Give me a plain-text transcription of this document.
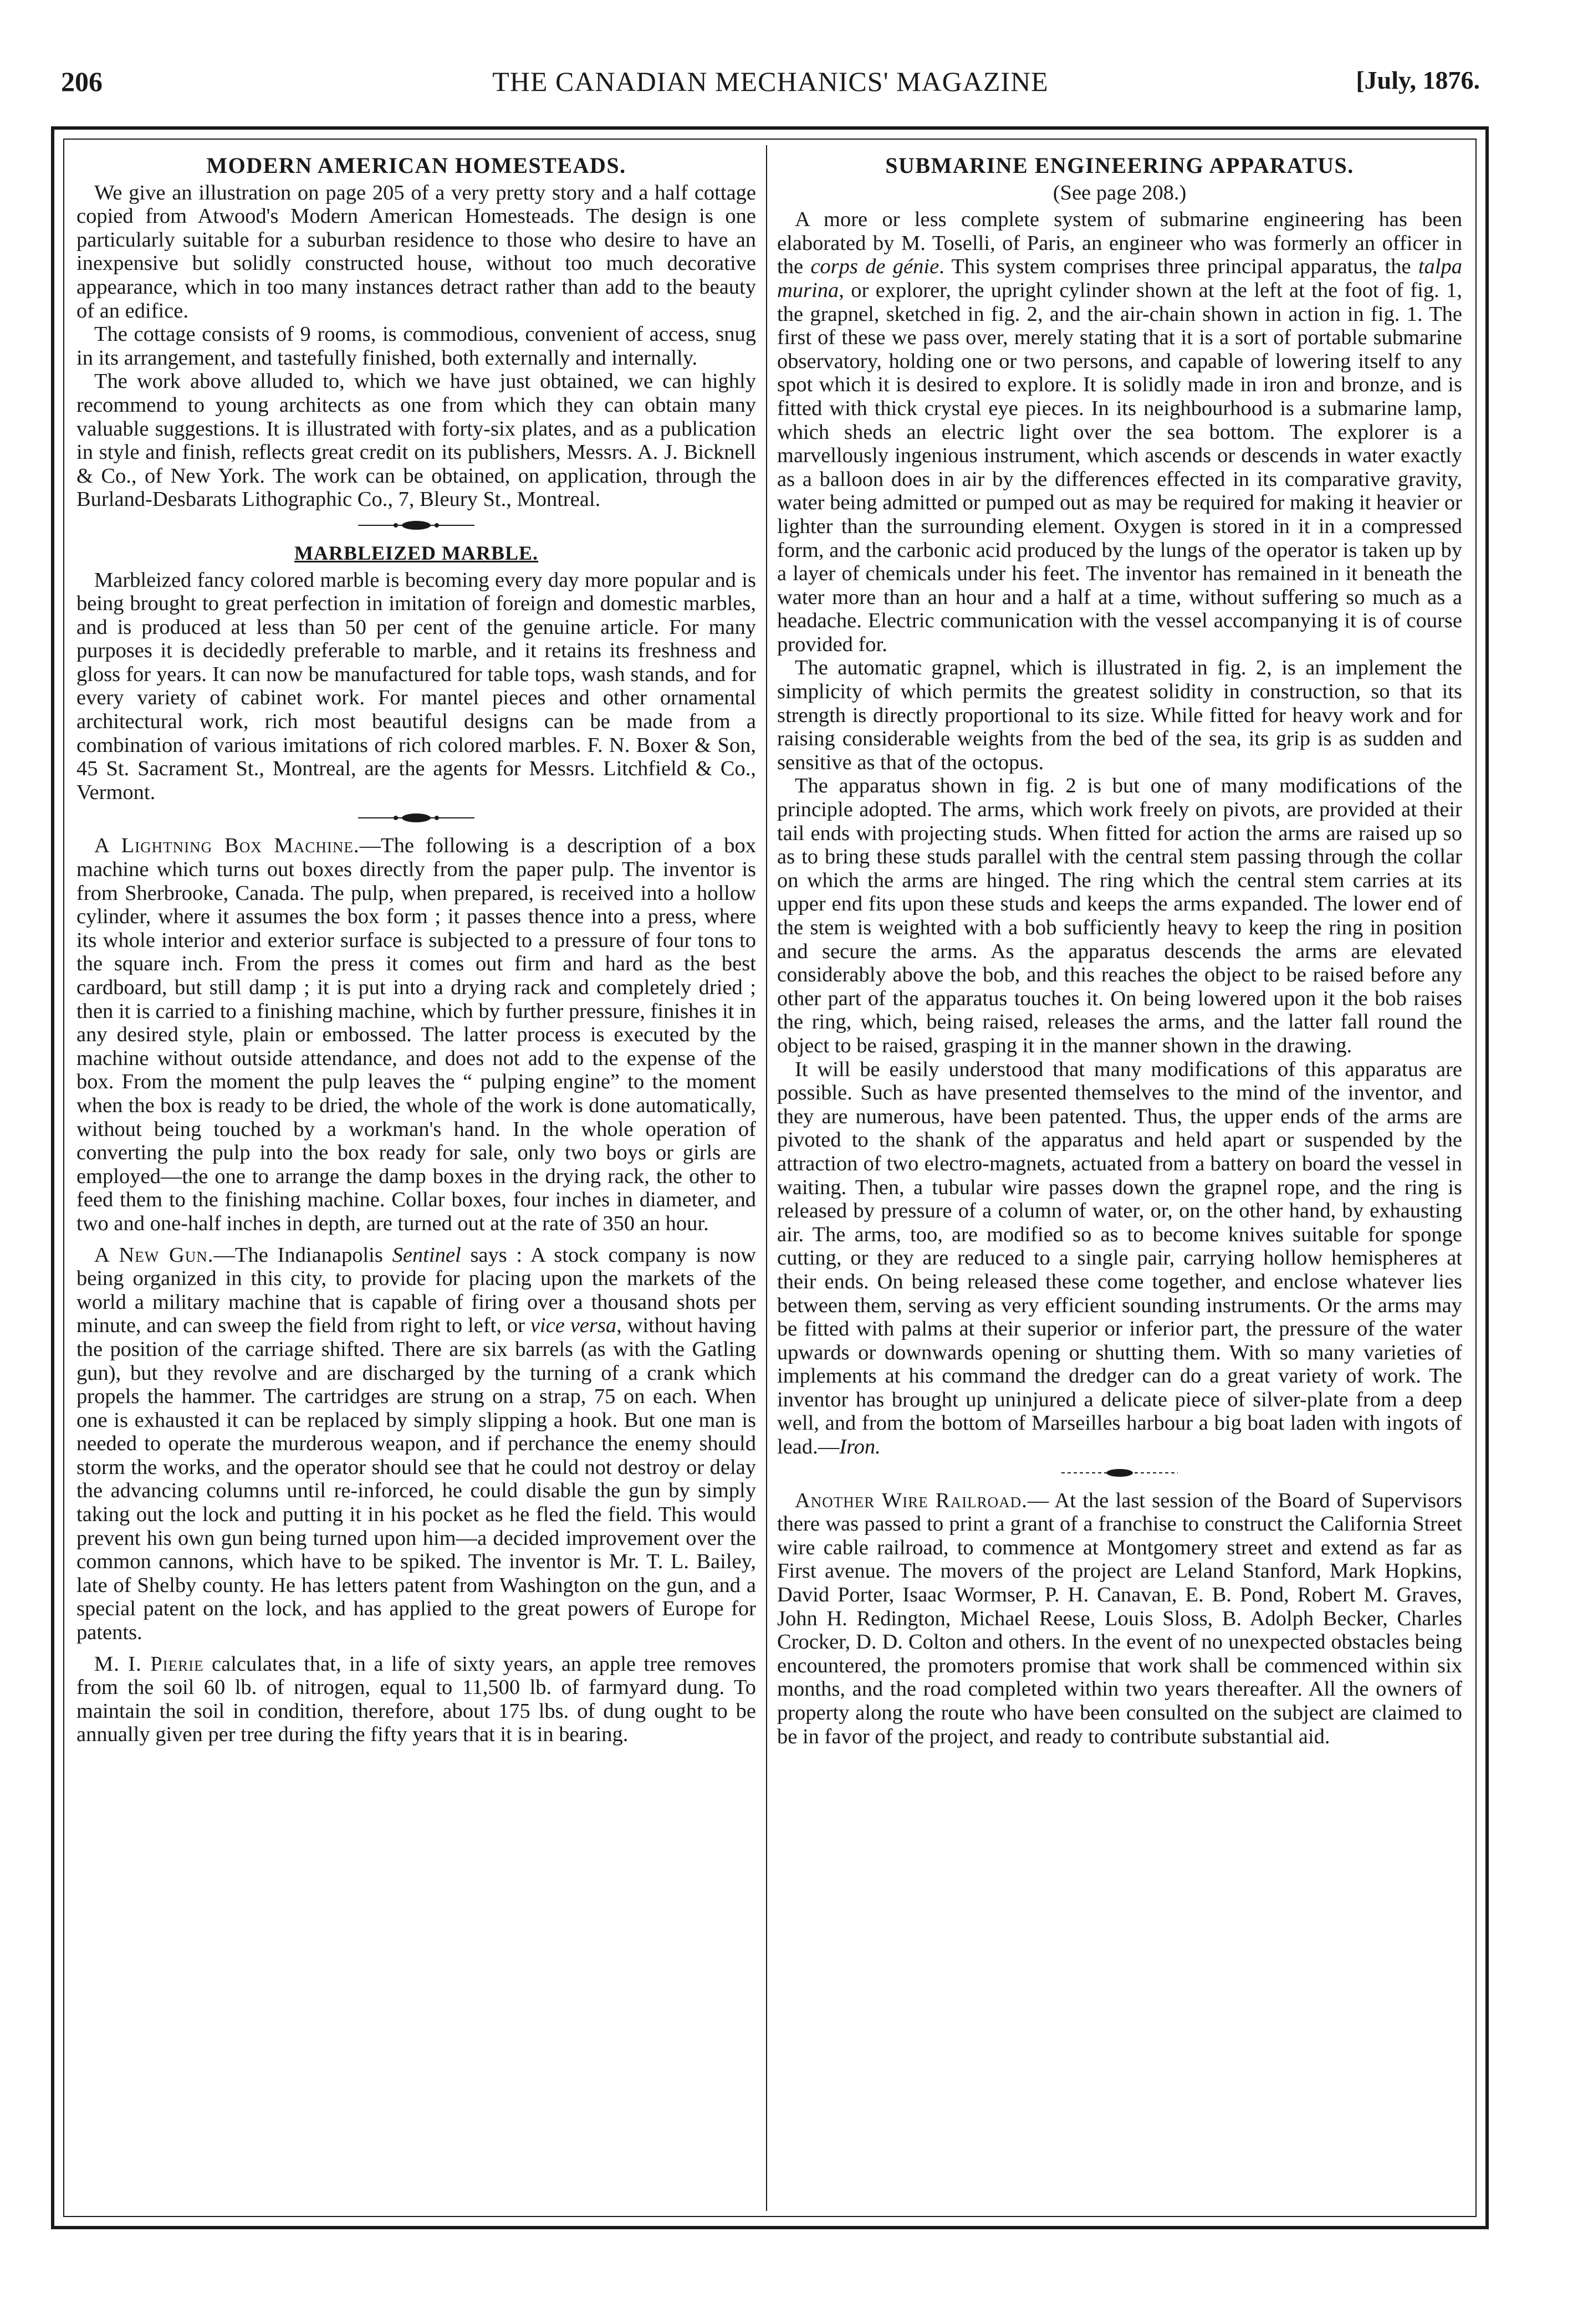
206	THE CANADIAN MECHANICS' MAGAZINE	[July, 1876.
MODERN AMERICAN HOMESTEADS.

We give an illustration on page 205 of a very pretty story and a half cottage copied from Atwood's Modern American Homesteads. The design is one particularly suitable for a suburban residence to those who desire to have an inexpensive but solidly constructed house, without too much decorative appearance, which in too many instances detract rather than add to the beauty of an edifice.

The cottage consists of 9 rooms, is commodious, convenient of access, snug in its arrangement, and tastefully finished, both externally and internally.

The work above alluded to, which we have just obtained, we can highly recommend to young architects as one from which they can obtain many valuable suggestions. It is illustrated with forty-six plates, and as a publication in style and finish, reflects great credit on its publishers, Messrs. A. J. Bicknell & Co., of New York. The work can be obtained, on application, through the Burland-Desbarats Lithographic Co., 7, Bleury St., Montreal.

MARBLEIZED MARBLE.

Marbleized fancy colored marble is becoming every day more popular and is being brought to great perfection in imitation of foreign and domestic marbles, and is produced at less than 50 per cent of the genuine article. For many purposes it is decidedly preferable to marble, and it retains its freshness and gloss for years. It can now be manufactured for table tops, wash stands, and for every variety of cabinet work. For mantel pieces and other ornamental architectural work, rich most beautiful designs can be made from a combination of various imitations of rich colored marbles. F. N. Boxer & Son, 45 St. Sacrament St., Montreal, are the agents for Messrs. Litchfield & Co., Vermont.

A Lightning Box Machine.—The following is a description of a box machine which turns out boxes directly from the paper pulp. The inventor is from Sherbrooke, Canada. The pulp, when prepared, is received into a hollow cylinder, where it assumes the box form ; it passes thence into a press, where its whole interior and exterior surface is subjected to a pressure of four tons to the square inch. From the press it comes out firm and hard as the best cardboard, but still damp ; it is put into a drying rack and completely dried ; then it is carried to a finishing machine, which by further pressure, finishes it in any desired style, plain or embossed. The latter process is executed by the machine without outside attendance, and does not add to the expense of the box. From the moment the pulp leaves the “ pulping engine” to the moment when the box is ready to be dried, the whole of the work is done automatically, without being touched by a workman's hand. In the whole operation of converting the pulp into the box ready for sale, only two boys or girls are employed—the one to arrange the damp boxes in the drying rack, the other to feed them to the finishing machine. Collar boxes, four inches in diameter, and two and one-half inches in depth, are turned out at the rate of 350 an hour.

A New Gun.—The Indianapolis Sentinel says : A stock company is now being organized in this city, to provide for placing upon the markets of the world a military machine that is capable of firing over a thousand shots per minute, and can sweep the field from right to left, or vice versa, without having the position of the carriage shifted. There are six barrels (as with the Gatling gun), but they revolve and are discharged by the turning of a crank which propels the hammer. The cartridges are strung on a strap, 75 on each. When one is exhausted it can be replaced by simply slipping a hook. But one man is needed to operate the murderous weapon, and if perchance the enemy should storm the works, and the operator should see that he could not destroy or delay the advancing columns until re-inforced, he could disable the gun by simply taking out the lock and putting it in his pocket as he fled the field. This would prevent his own gun being turned upon him—a decided improvement over the common cannons, which have to be spiked. The inventor is Mr. T. L. Bailey, late of Shelby county. He has letters patent from Washington on the gun, and a special patent on the lock, and has applied to the great powers of Europe for patents.

M. I. Pierie calculates that, in a life of sixty years, an apple tree removes from the soil 60 lb. of nitrogen, equal to 11,500 lb. of farmyard dung. To maintain the soil in condition, therefore, about 175 lbs. of dung ought to be annually given per tree during the fifty years that it is in bearing.

SUBMARINE ENGINEERING APPARATUS.

(See page 208.)

A more or less complete system of submarine engineering has been elaborated by M. Toselli, of Paris, an engineer who was formerly an officer in the corps de génie. This system comprises three principal apparatus, the talpa murina, or explorer, the upright cylinder shown at the left at the foot of fig. 1, the grapnel, sketched in fig. 2, and the air-chain shown in action in fig. 1. The first of these we pass over, merely stating that it is a sort of portable submarine observatory, holding one or two persons, and capable of lowering itself to any spot which it is desired to explore. It is solidly made in iron and bronze, and is fitted with thick crystal eye pieces. In its neighbourhood is a submarine lamp, which sheds an electric light over the sea bottom. The explorer is a marvellously ingenious instrument, which ascends or descends in water exactly as a balloon does in air by the differences effected in its comparative gravity, water being admitted or pumped out as may be required for making it heavier or lighter than the surrounding element. Oxygen is stored in it in a compressed form, and the carbonic acid produced by the lungs of the operator is taken up by a layer of chemicals under his feet. The inventor has remained in it beneath the water more than an hour and a half at a time, without suffering so much as a headache. Electric communication with the vessel accompanying it is of course provided for.

The automatic grapnel, which is illustrated in fig. 2, is an implement the simplicity of which permits the greatest solidity in construction, so that its strength is directly proportional to its size. While fitted for heavy work and for raising considerable weights from the bed of the sea, its grip is as sudden and sensitive as that of the octopus.

The apparatus shown in fig. 2 is but one of many modifications of the principle adopted. The arms, which work freely on pivots, are provided at their tail ends with projecting studs. When fitted for action the arms are raised up so as to bring these studs parallel with the central stem passing through the collar on which the arms are hinged. The ring which the central stem carries at its upper end fits upon these studs and keeps the arms expanded. The lower end of the stem is weighted with a bob sufficiently heavy to keep the ring in position and secure the arms. As the apparatus descends the arms are elevated considerably above the bob, and this reaches the object to be raised before any other part of the apparatus touches it. On being lowered upon it the bob raises the ring, which, being raised, releases the arms, and the latter fall round the object to be raised, grasping it in the manner shown in the drawing.

It will be easily understood that many modifications of this apparatus are possible. Such as have presented themselves to the mind of the inventor, and they are numerous, have been patented. Thus, the upper ends of the arms are pivoted to the shank of the apparatus and held apart or suspended by the attraction of two electro-magnets, actuated from a battery on board the vessel in waiting. Then, a tubular wire passes down the grapnel rope, and the ring is released by pressure of a column of water, or, on the other hand, by exhausting air. The arms, too, are modified so as to become knives suitable for sponge cutting, or they are reduced to a single pair, carrying hollow hemispheres at their ends. On being released these come together, and enclose whatever lies between them, serving as very efficient sounding instruments. Or the arms may be fitted with palms at their superior or inferior part, the pressure of the water upwards or downwards opening or shutting them. With so many varieties of implements at his command the dredger can do a great variety of work. The inventor has brought up uninjured a delicate piece of silver-plate from a deep well, and from the bottom of Marseilles harbour a big boat laden with ingots of lead.—Iron.

Another Wire Railroad.— At the last session of the Board of Supervisors there was passed to print a grant of a franchise to construct the California Street wire cable railroad, to commence at Montgomery street and extend as far as First avenue. The movers of the project are Leland Stanford, Mark Hopkins, David Porter, Isaac Wormser, P. H. Canavan, E. B. Pond, Robert M. Graves, John H. Redington, Michael Reese, Louis Sloss, B. Adolph Becker, Charles Crocker, D. D. Colton and others. In the event of no unexpected obstacles being encountered, the promoters promise that work shall be commenced within six months, and the road completed within two years thereafter. All the owners of property along the route who have been consulted on the subject are claimed to be in favor of the project, and ready to contribute substantial aid.
